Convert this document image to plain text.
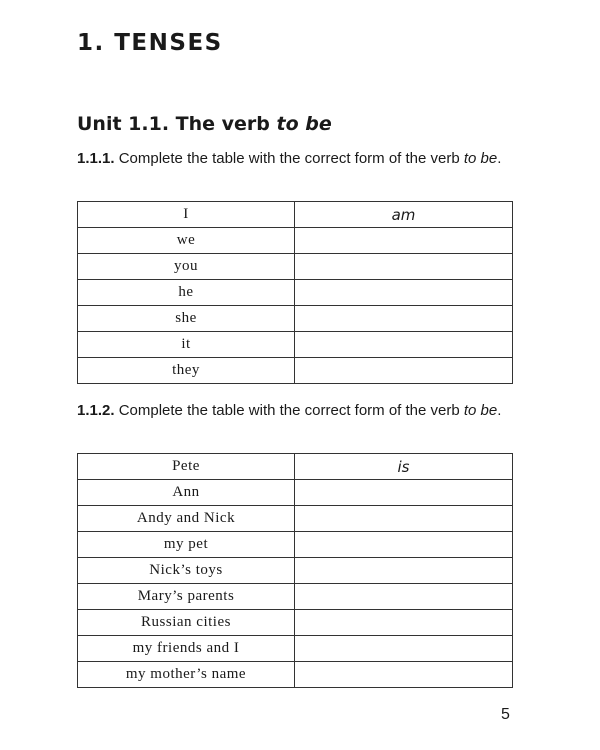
1. TENSES
Unit 1.1. The verb to be

1.1.1. Complete the table with the correct form of the verb to be.

I	am
we	
you	
he	
she	
it	
they	

1.1.2. Complete the table with the correct form of the verb to be.

Pete	is
Ann	
Andy and Nick	
my pet	
Nick’s toys	
Mary’s parents	
Russian cities	
my friends and I	
my mother’s name	
5
